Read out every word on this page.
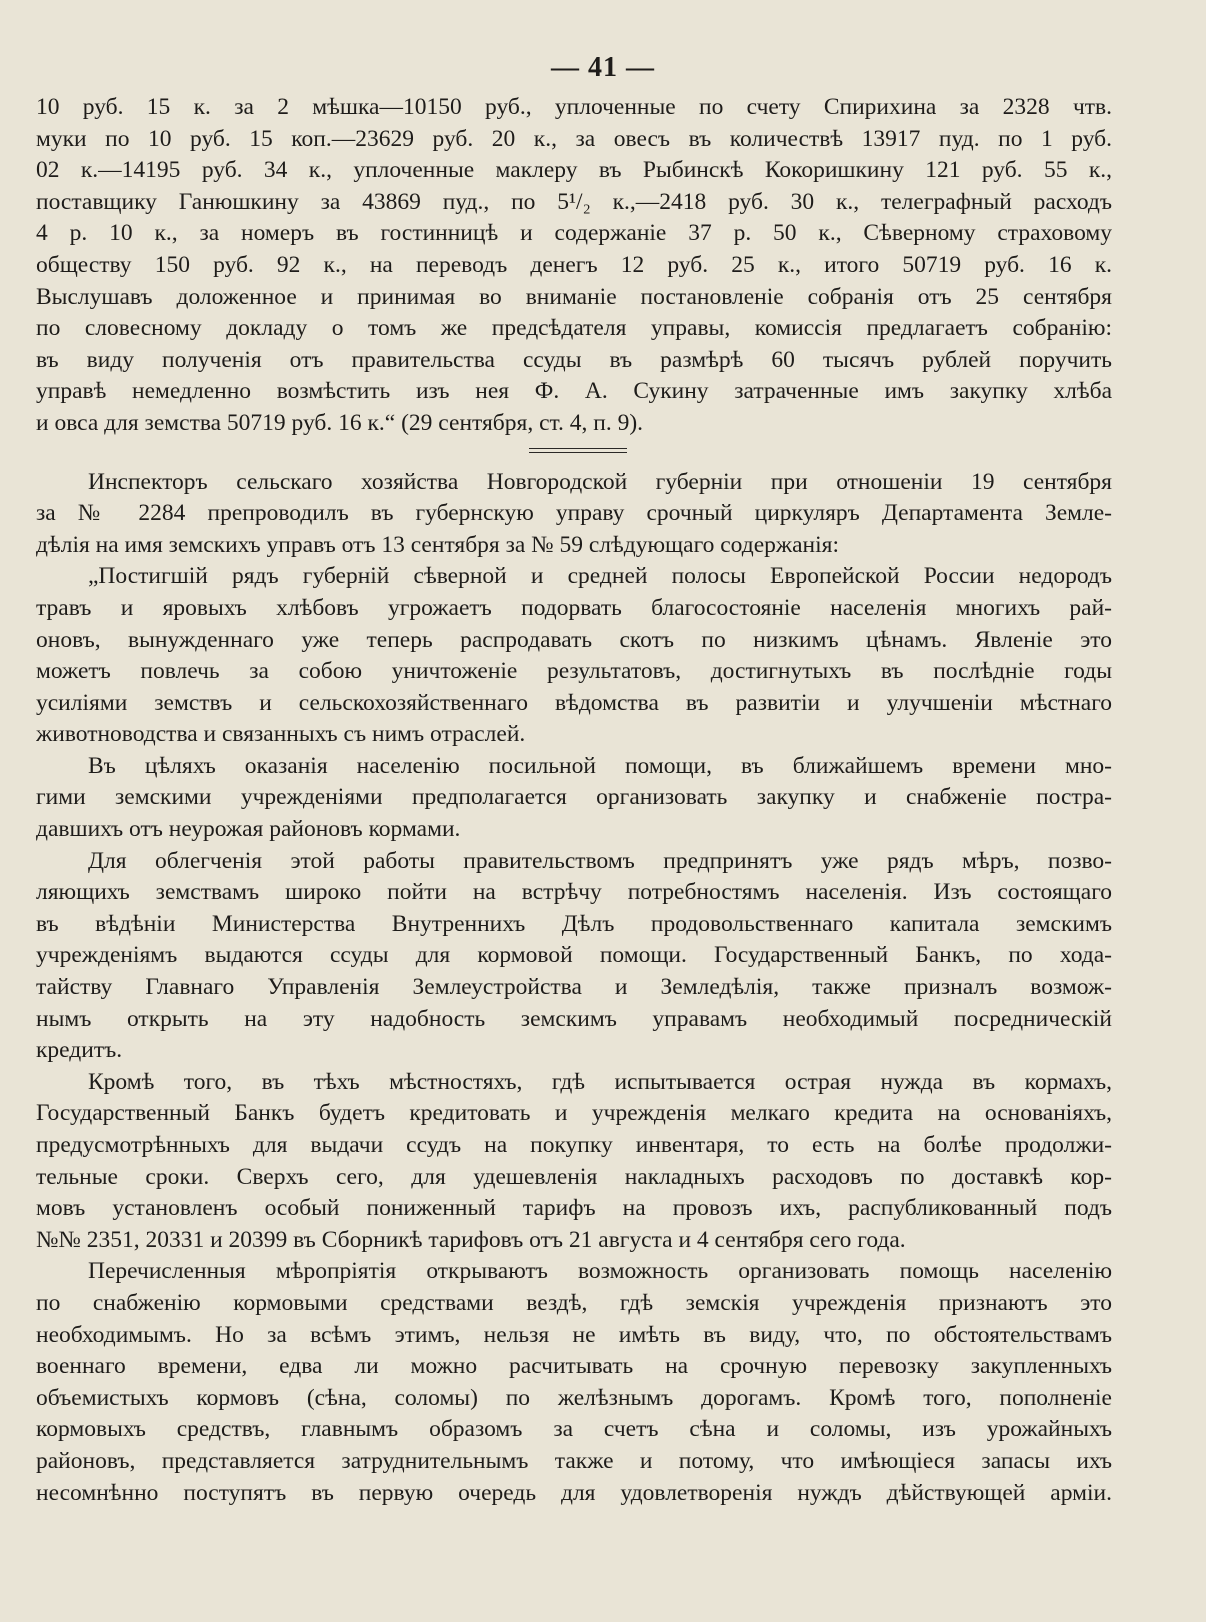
— 41 —
10 руб. 15 к. за 2 мѣшка—10150 руб., уплоченные по счету Спирихина за 2328 чтв.
муки по 10 руб. 15 коп.—23629 руб. 20 к., за овесъ въ количествѣ 13917 пуд. по 1 руб.
02 к.—14195 руб. 34 к., уплоченные маклеру въ Рыбинскѣ Кокоришкину 121 руб. 55 к.,
поставщику Ганюшкину за 43869 пуд., по 5¹/₂ к.,—2418 руб. 30 к., телеграфный расходъ
4 р. 10 к., за номеръ въ гостинницѣ и содержаніе 37 р. 50 к., Сѣверному страховому
обществу 150 руб. 92 к., на переводъ денегъ 12 руб. 25 к., итого 50719 руб. 16 к.
Выслушавъ доложенное и принимая во вниманіе постановленіе собранія отъ 25 сентября
по словесному докладу о томъ же предсѣдателя управы, комиссія предлагаетъ собранію:
въ виду полученія отъ правительства ссуды въ размѣрѣ 60 тысячъ рублей поручить
управѣ немедленно возмѣстить изъ нея Ф. А. Сукину затраченные имъ закупку хлѣба
и овса для земства 50719 руб. 16 к.“ (29 сентября, ст. 4, п. 9).
Инспекторъ сельскаго хозяйства Новгородской губерніи при отношеніи 19 сентября
за № 2284 препроводилъ въ губернскую управу срочный циркуляръ Департамента Земле-
дѣлія на имя земскихъ управъ отъ 13 сентября за № 59 слѣдующаго содержанія:
„Постигшій рядъ губерній сѣверной и средней полосы Европейской России недородъ
травъ и яровыхъ хлѣбовъ угрожаетъ подорвать благосостояніе населенія многихъ рай-
оновъ, вынужденнаго уже теперь распродавать скотъ по низкимъ цѣнамъ. Явленіе это
можетъ повлечь за собою уничтоженіе результатовъ, достигнутыхъ въ послѣдніе годы
усиліями земствъ и сельскохозяйственнаго вѣдомства въ развитіи и улучшеніи мѣстнаго
животноводства и связанныхъ съ нимъ отраслей.
Въ цѣляхъ оказанія населенію посильной помощи, въ ближайшемъ времени мно-
гими земскими учрежденіями предполагается организовать закупку и снабженіе постра-
давшихъ отъ неурожая районовъ кормами.
Для облегченія этой работы правительствомъ предпринятъ уже рядъ мѣръ, позво-
ляющихъ земствамъ широко пойти на встрѣчу потребностямъ населенія. Изъ состоящаго
въ вѣдѣніи Министерства Внутреннихъ Дѣлъ продовольственнаго капитала земскимъ
учрежденіямъ выдаются ссуды для кормовой помощи. Государственный Банкъ, по хода-
тайству Главнаго Управленія Землеустройства и Земледѣлія, также призналъ возмож-
нымъ открыть на эту надобность земскимъ управамъ необходимый посредническій
кредитъ.
Кромѣ того, въ тѣхъ мѣстностяхъ, гдѣ испытывается острая нужда въ кормахъ,
Государственный Банкъ будетъ кредитовать и учрежденія мелкаго кредита на основаніяхъ,
предусмотрѣнныхъ для выдачи ссудъ на покупку инвентаря, то есть на болѣе продолжи-
тельные сроки. Сверхъ сего, для удешевленія накладныхъ расходовъ по доставкѣ кор-
мовъ установленъ особый пониженный тарифъ на провозъ ихъ, распубликованный подъ
№№ 2351, 20331 и 20399 въ Сборникѣ тарифовъ отъ 21 августа и 4 сентября сего года.
Перечисленныя мѣропріятія открываютъ возможность организовать помощь населенію
по снабженію кормовыми средствами вездѣ, гдѣ земскія учрежденія признаютъ это
необходимымъ. Но за всѣмъ этимъ, нельзя не имѣть въ виду, что, по обстоятельствамъ
военнаго времени, едва ли можно расчитывать на срочную перевозку закупленныхъ
объемистыхъ кормовъ (сѣна, соломы) по желѣзнымъ дорогамъ. Кромѣ того, пополненіе
кормовыхъ средствъ, главнымъ образомъ за счетъ сѣна и соломы, изъ урожайныхъ
районовъ, представляется затруднительнымъ также и потому, что имѣющіеся запасы ихъ
несомнѣнно поступятъ въ первую очередь для удовлетворенія нуждъ дѣйствующей арміи.
